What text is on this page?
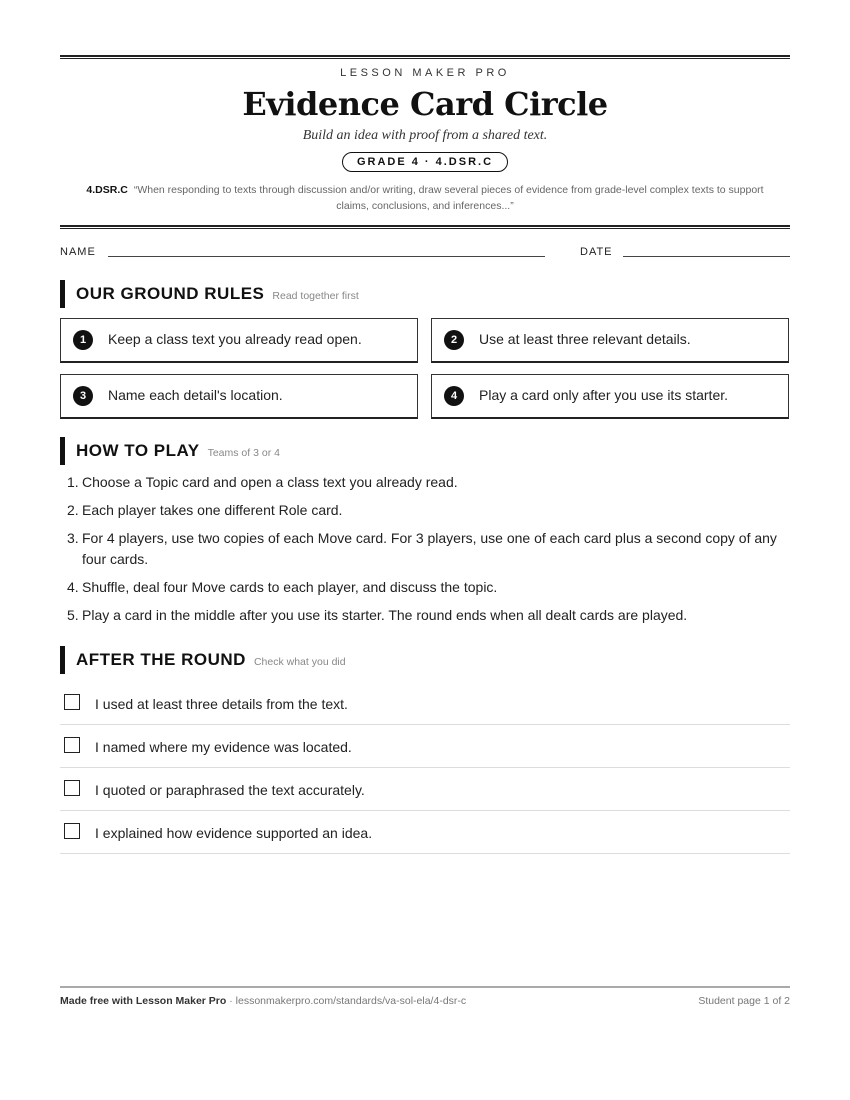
LESSON MAKER PRO
Evidence Card Circle
Build an idea with proof from a shared text.
GRADE 4 · 4.DSR.C
4.DSR.C “When responding to texts through discussion and/or writing, draw several pieces of evidence from grade-level complex texts to support claims, conclusions, and inferences...”
NAME	DATE
OUR GROUND RULES Read together first
1	Keep a class text you already read open.	2	Use at least three relevant details.
3	Name each detail's location.	4	Play a card only after you use its starter.
HOW TO PLAY Teams of 3 or 4
1. Choose a Topic card and open a class text you already read.
2. Each player takes one different Role card.
3. For 4 players, use two copies of each Move card. For 3 players, use one of each card plus a second copy of any four cards.
4. Shuffle, deal four Move cards to each player, and discuss the topic.
5. Play a card in the middle after you use its starter. The round ends when all dealt cards are played.
AFTER THE ROUND Check what you did
I used at least three details from the text.
I named where my evidence was located.
I quoted or paraphrased the text accurately.
I explained how evidence supported an idea.
Made free with Lesson Maker Pro · lessonmakerpro.com/standards/va-sol-ela/4-dsr-c	Student page 1 of 2
